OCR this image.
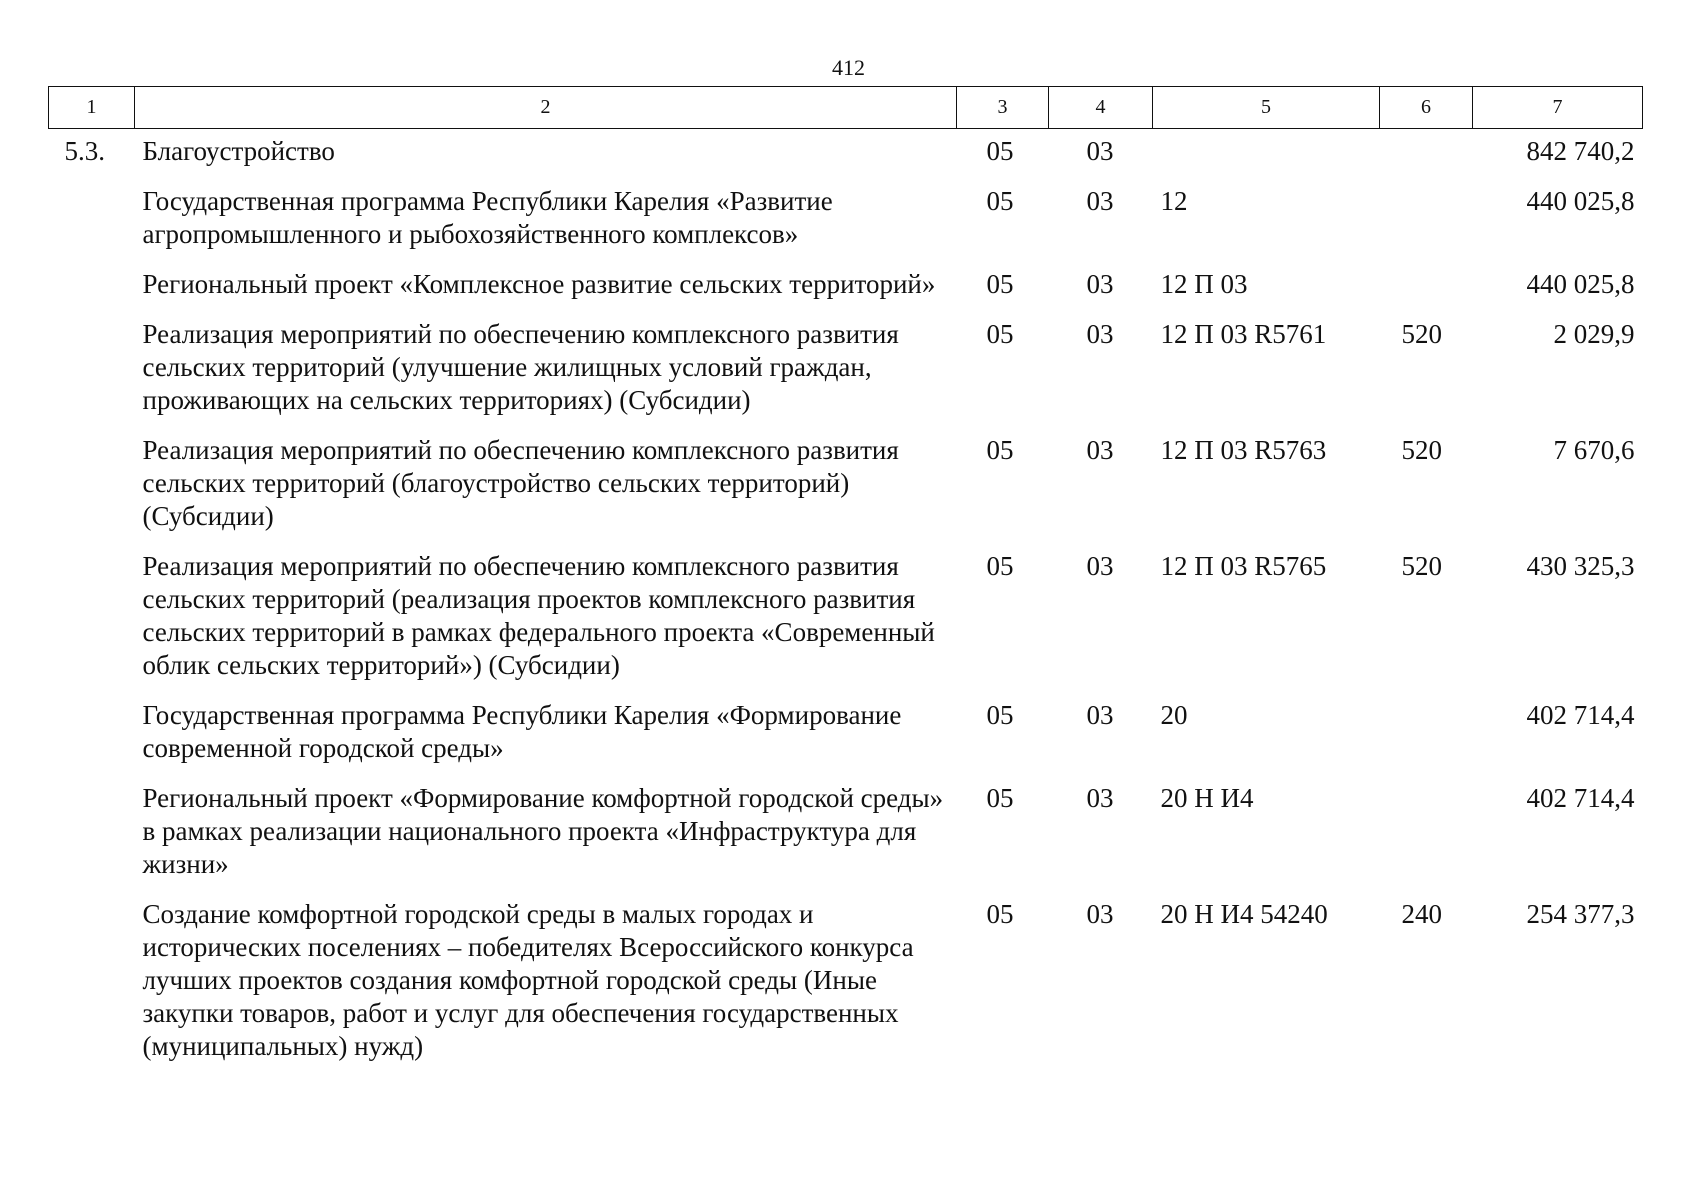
412
1	2	3	4	5	6	7
5.3.	Благоустройство	05	03			842 740,2
	Государственная программа Республики Карелия «Развитие агропромышленного и рыбохозяйственного комплексов»	05	03	12		440 025,8
	Региональный проект «Комплексное развитие сельских территорий»	05	03	12 П 03		440 025,8
	Реализация мероприятий по обеспечению комплексного развития сельских территорий (улучшение жилищных условий граждан, проживающих на сельских территориях) (Субсидии)	05	03	12 П 03 R5761	520	2 029,9
	Реализация мероприятий по обеспечению комплексного развития сельских территорий (благоустройство сельских территорий) (Субсидии)	05	03	12 П 03 R5763	520	7 670,6
	Реализация мероприятий по обеспечению комплексного развития сельских территорий (реализация проектов комплексного развития сельских территорий в рамках федерального проекта «Современный облик сельских территорий») (Субсидии)	05	03	12 П 03 R5765	520	430 325,3
	Государственная программа Республики Карелия «Формирование современной городской среды»	05	03	20		402 714,4
	Региональный проект «Формирование комфортной городской среды» в рамках реализации национального проекта «Инфраструктура для жизни»	05	03	20 Н И4		402 714,4
	Создание комфортной городской среды в малых городах и исторических поселениях – победителях Всероссийского конкурса лучших проектов создания комфортной городской среды (Иные закупки товаров, работ и услуг для обеспечения государственных (муниципальных) нужд)	05	03	20 Н И4 54240	240	254 377,3
